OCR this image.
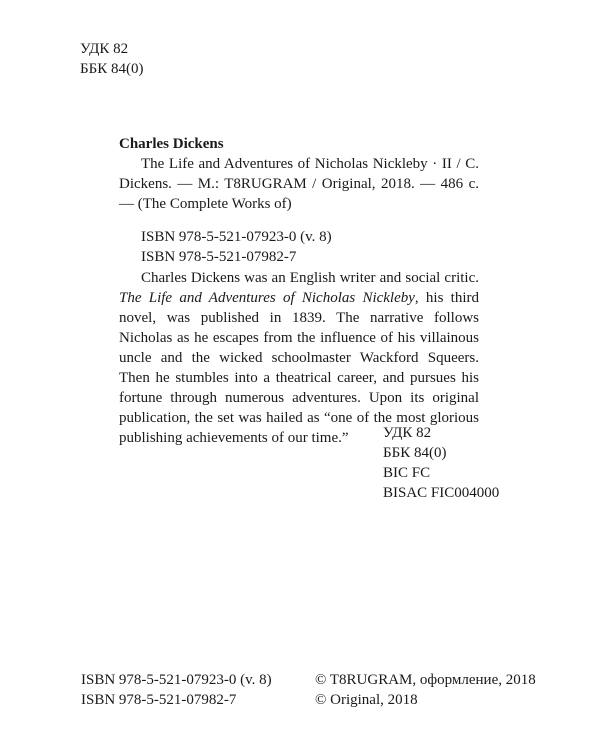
УДК 82
ББК 84(0)
Charles Dickens
The Life and Adventures of Nicholas Nickleby · II / C. Dickens. — M.: T8RUGRAM / Original, 2018. — 486 c. — (The Complete Works of)
ISBN 978-5-521-07923-0 (v. 8)
ISBN 978-5-521-07982-7
Charles Dickens was an English writer and social critic. The Life and Adventures of Nicholas Nickleby, his third novel, was published in 1839. The narrative follows Nicholas as he escapes from the influence of his villainous uncle and the wicked schoolmaster Wackford Squeers. Then he stumbles into a theatrical career, and pursues his fortune through numerous adventures. Upon its original publication, the set was hailed as “one of the most glorious publishing achievements of our time.”	УДК 82
ББК 84(0)
BIC FC
BISAC FIC004000
ISBN 978-5-521-07923-0 (v. 8)
ISBN 978-5-521-07982-7
© T8RUGRAM, оформление, 2018
© Original, 2018
